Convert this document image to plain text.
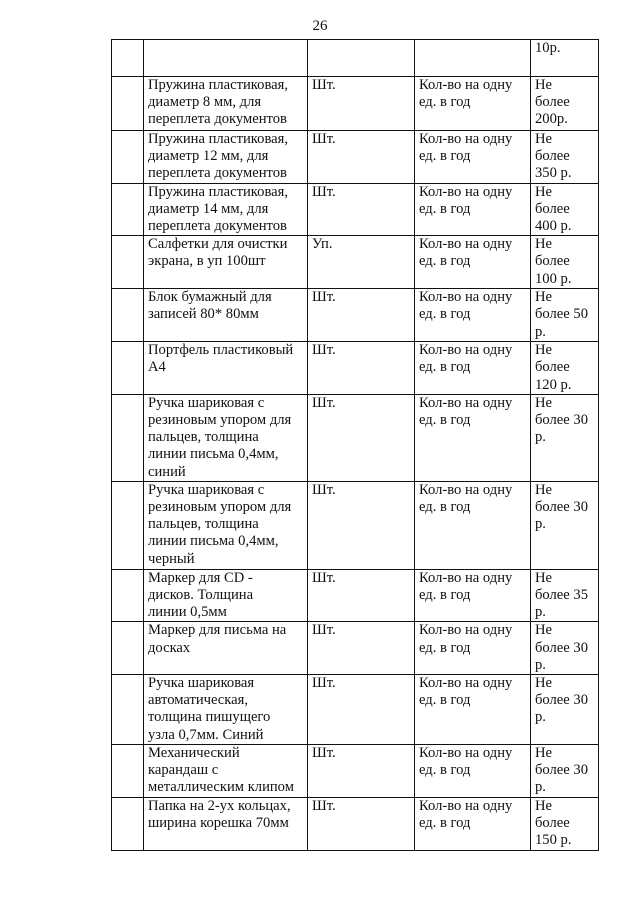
26

				10р.

	Пружина пластиковая,
диаметр 8 мм, для
переплета документов	Шт.	Кол-во на одну
ед. в год	Не
более
200р.

	Пружина пластиковая,
диаметр 12 мм, для
переплета документов	Шт.	Кол-во на одну
ед. в год	Не
более
350 р.

	Пружина пластиковая,
диаметр 14 мм, для
переплета документов	Шт.	Кол-во на одну
ед. в год	Не
более
400 р.

	Салфетки для очистки
экрана, в уп 100шт	Уп.	Кол-во на одну
ед. в год	Не
более
100 р.

	Блок бумажный для
записей 80* 80мм	Шт.	Кол-во на одну
ед. в год	Не
более 50
р.

	Портфель пластиковый
А4	Шт.	Кол-во на одну
ед. в год	Не
более
120 р.

	Ручка шариковая с
резиновым упором для
пальцев, толщина
линии письма 0,4мм,
синий	Шт.	Кол-во на одну
ед. в год	Не
более 30
р.

	Ручка шариковая с
резиновым упором для
пальцев, толщина
линии письма 0,4мм,
черный	Шт.	Кол-во на одну
ед. в год	Не
более 30
р.

	Маркер для CD -
дисков. Толщина
линии 0,5мм	Шт.	Кол-во на одну
ед. в год	Не
более 35
р.

	Маркер для письма на
досках	Шт.	Кол-во на одну
ед. в год	Не
более 30
р.

	Ручка шариковая
автоматическая,
толщина пишущего
узла 0,7мм. Синий	Шт.	Кол-во на одну
ед. в год	Не
более 30
р.

	Механический
карандаш с
металлическим клипом	Шт.	Кол-во на одну
ед. в год	Не
более 30
р.

	Папка на 2-ух кольцах,
ширина корешка 70мм	Шт.	Кол-во на одну
ед. в год	Не
более
150 р.
